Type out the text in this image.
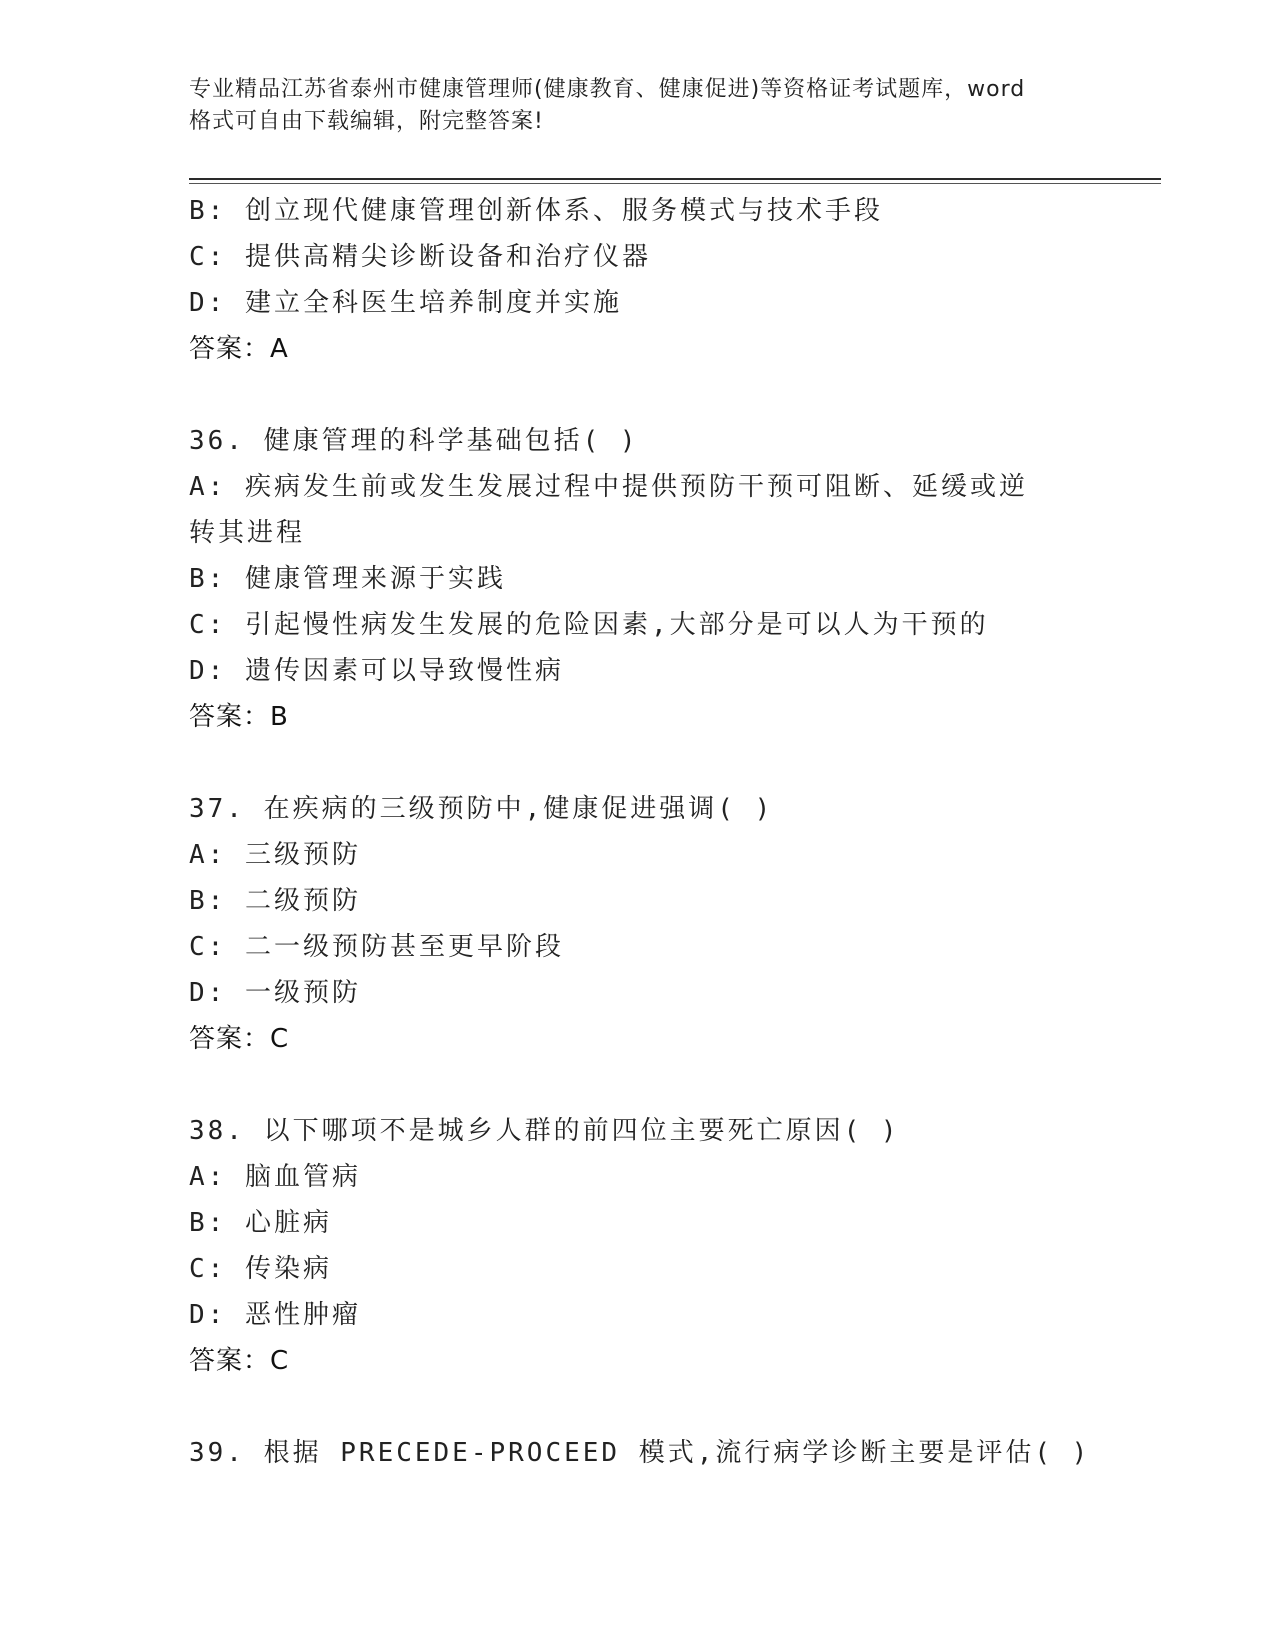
专业精品江苏省泰州市健康管理师(健康教育、健康促进)等资格证考试题库，word
格式可自由下载编辑，附完整答案!
B: 创立现代健康管理创新体系、服务模式与技术手段
C: 提供高精尖诊断设备和治疗仪器
D: 建立全科医生培养制度并实施
答案：A
36. 健康管理的科学基础包括( )
A: 疾病发生前或发生发展过程中提供预防干预可阻断、延缓或逆转其进程
B: 健康管理来源于实践
C: 引起慢性病发生发展的危险因素,大部分是可以人为干预的
D: 遗传因素可以导致慢性病
答案：B
37. 在疾病的三级预防中,健康促进强调( )
A: 三级预防
B: 二级预防
C: 二一级预防甚至更早阶段
D: 一级预防
答案：C
38. 以下哪项不是城乡人群的前四位主要死亡原因( )
A: 脑血管病
B: 心脏病
C: 传染病
D: 恶性肿瘤
答案：C
39. 根据 PRECEDE-PROCEED 模式,流行病学诊断主要是评估( )
